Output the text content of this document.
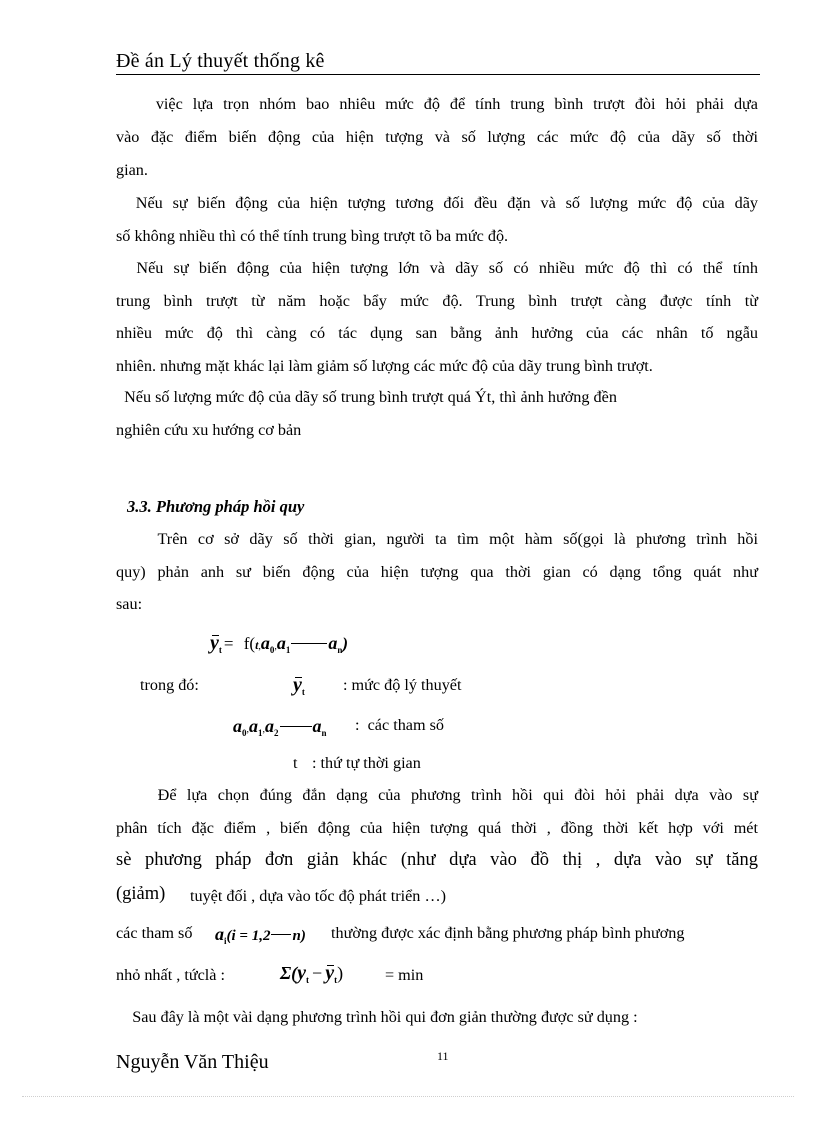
Đề án Lý thuyết thống kê
việc lựa trọn nhóm bao nhiêu mức độ để tính trung bình trượt đòi hỏi phải dựa
vào đặc điểm biến động của hiện tượng và số lượng các mức độ của dãy số thời
gian.
Nếu sự biến động của hiện tượng tương đối đều đặn và số lượng mức độ của dãy
số không nhiều thì có thể tính trung bìng trượt tõ ba mức độ.
Nếu sự biến động của hiện tượng lớn và dãy số có nhiều mức độ thì có thể tính
trung bình trượt từ năm hoặc bẩy mức độ. Trung bình trượt càng được tính từ
nhiều mức độ thì càng có tác dụng san bằng ảnh hưởng của các nhân tố ngẫu
nhiên. nhưng mặt khác lại làm giảm số lượng các mức độ của dãy trung bình trượt.
Nếu số lượng mức độ của dãy số trung bình trượt quá Ýt, thì ảnh hưởng đền
nghiên cứu xu hướng cơ bản
3.3. Phương pháp hồi quy
Trên cơ sở dãy số thời gian, người ta tìm một hàm số(gọi là phương trình hồi
quy) phản anh sư biến động của hiện tượng qua thời gian có dạng tổng quát như
sau:
$y_t = f(t,a_0,a_1$ $a_n$)
trong đó:	$y_t$ : mức độ lý thuyết
$a_0,a_1,a_2$ $a_n$ :  các tham số
t : thứ tự thời gian
Để lựa chọn đúng đắn dạng của phương trình hồi qui đòi hỏi phải dựa vào sự
phân tích đặc điểm , biến động của hiện tượng quá thời , đồng thời kết hợp với mét
sè phương pháp đơn giản khác (như dựa vào đồ thị , dựa vào sự tăng
(giảm) tuyệt đối , dựa vào tốc độ phát triển …)
các tham số $a_i(i = 1,2$ n) thường được xác định bằng phương pháp bình phương
nhỏ nhất , tứclà :	$\Sigma(y_t - y_t)$	= min
Sau đây là một vài dạng phương trình hồi qui đơn giản thường được sử dụng :
Nguyễn Văn Thiệu	11
